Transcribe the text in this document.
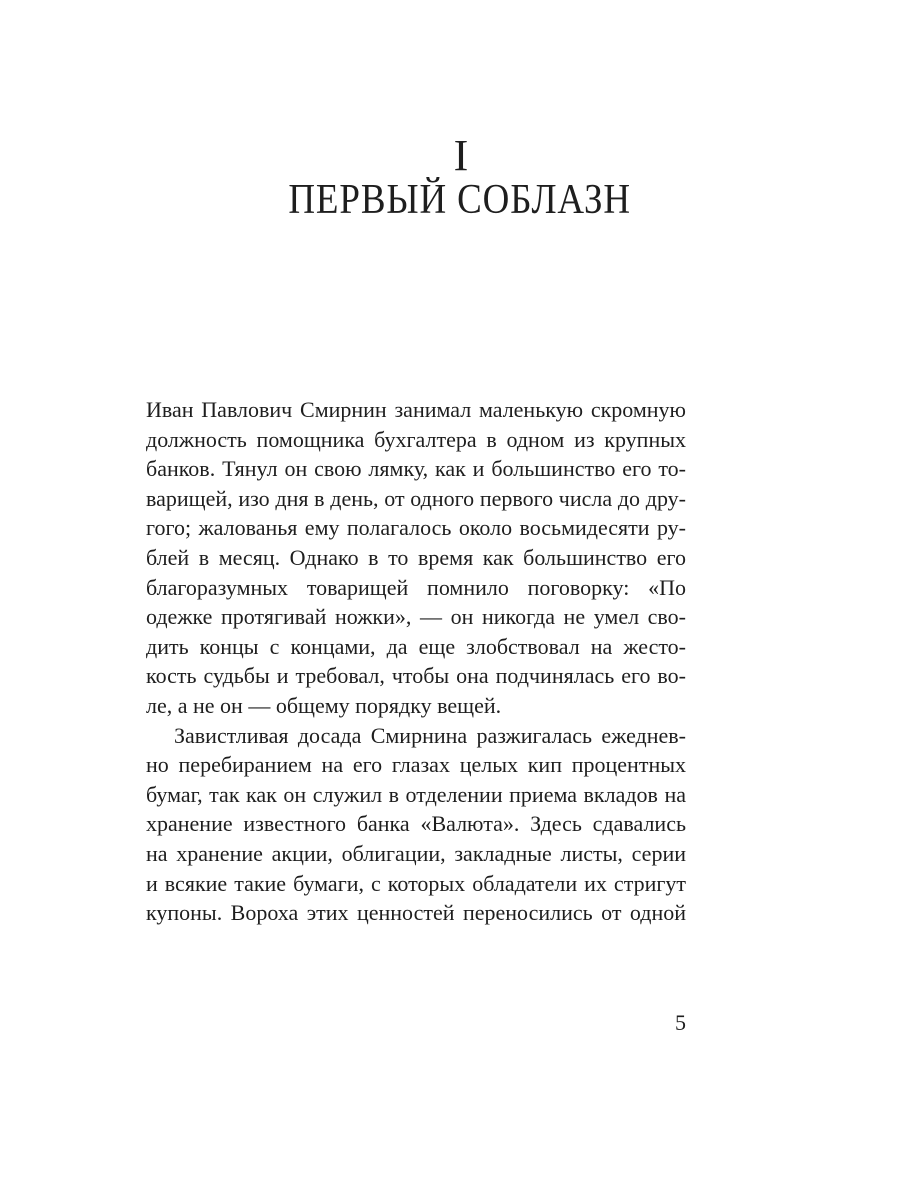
I
ПЕРВЫЙ СОБЛАЗН
Иван Павлович Смирнин занимал маленькую скромную
должность помощника бухгалтера в одном из крупных
банков. Тянул он свою лямку, как и большинство его то-
варищей, изо дня в день, от одного первого числа до дру-
гого; жалованья ему полагалось около восьмидесяти ру-
блей в месяц. Однако в то время как большинство его
благоразумных товарищей помнило поговорку: «По
одежке протягивай ножки», — он никогда не умел сво-
дить концы с концами, да еще злобствовал на жесто-
кость судьбы и требовал, чтобы она подчинялась его во-
ле, а не он — общему порядку вещей.
Завистливая досада Смирнина разжигалась ежеднев-
но перебиранием на его глазах целых кип процентных
бумаг, так как он служил в отделении приема вкладов на
хранение известного банка «Валюта». Здесь сдавались
на хранение акции, облигации, закладные листы, серии
и всякие такие бумаги, с которых обладатели их стригут
купоны. Вороха этих ценностей переносились от одной
5
